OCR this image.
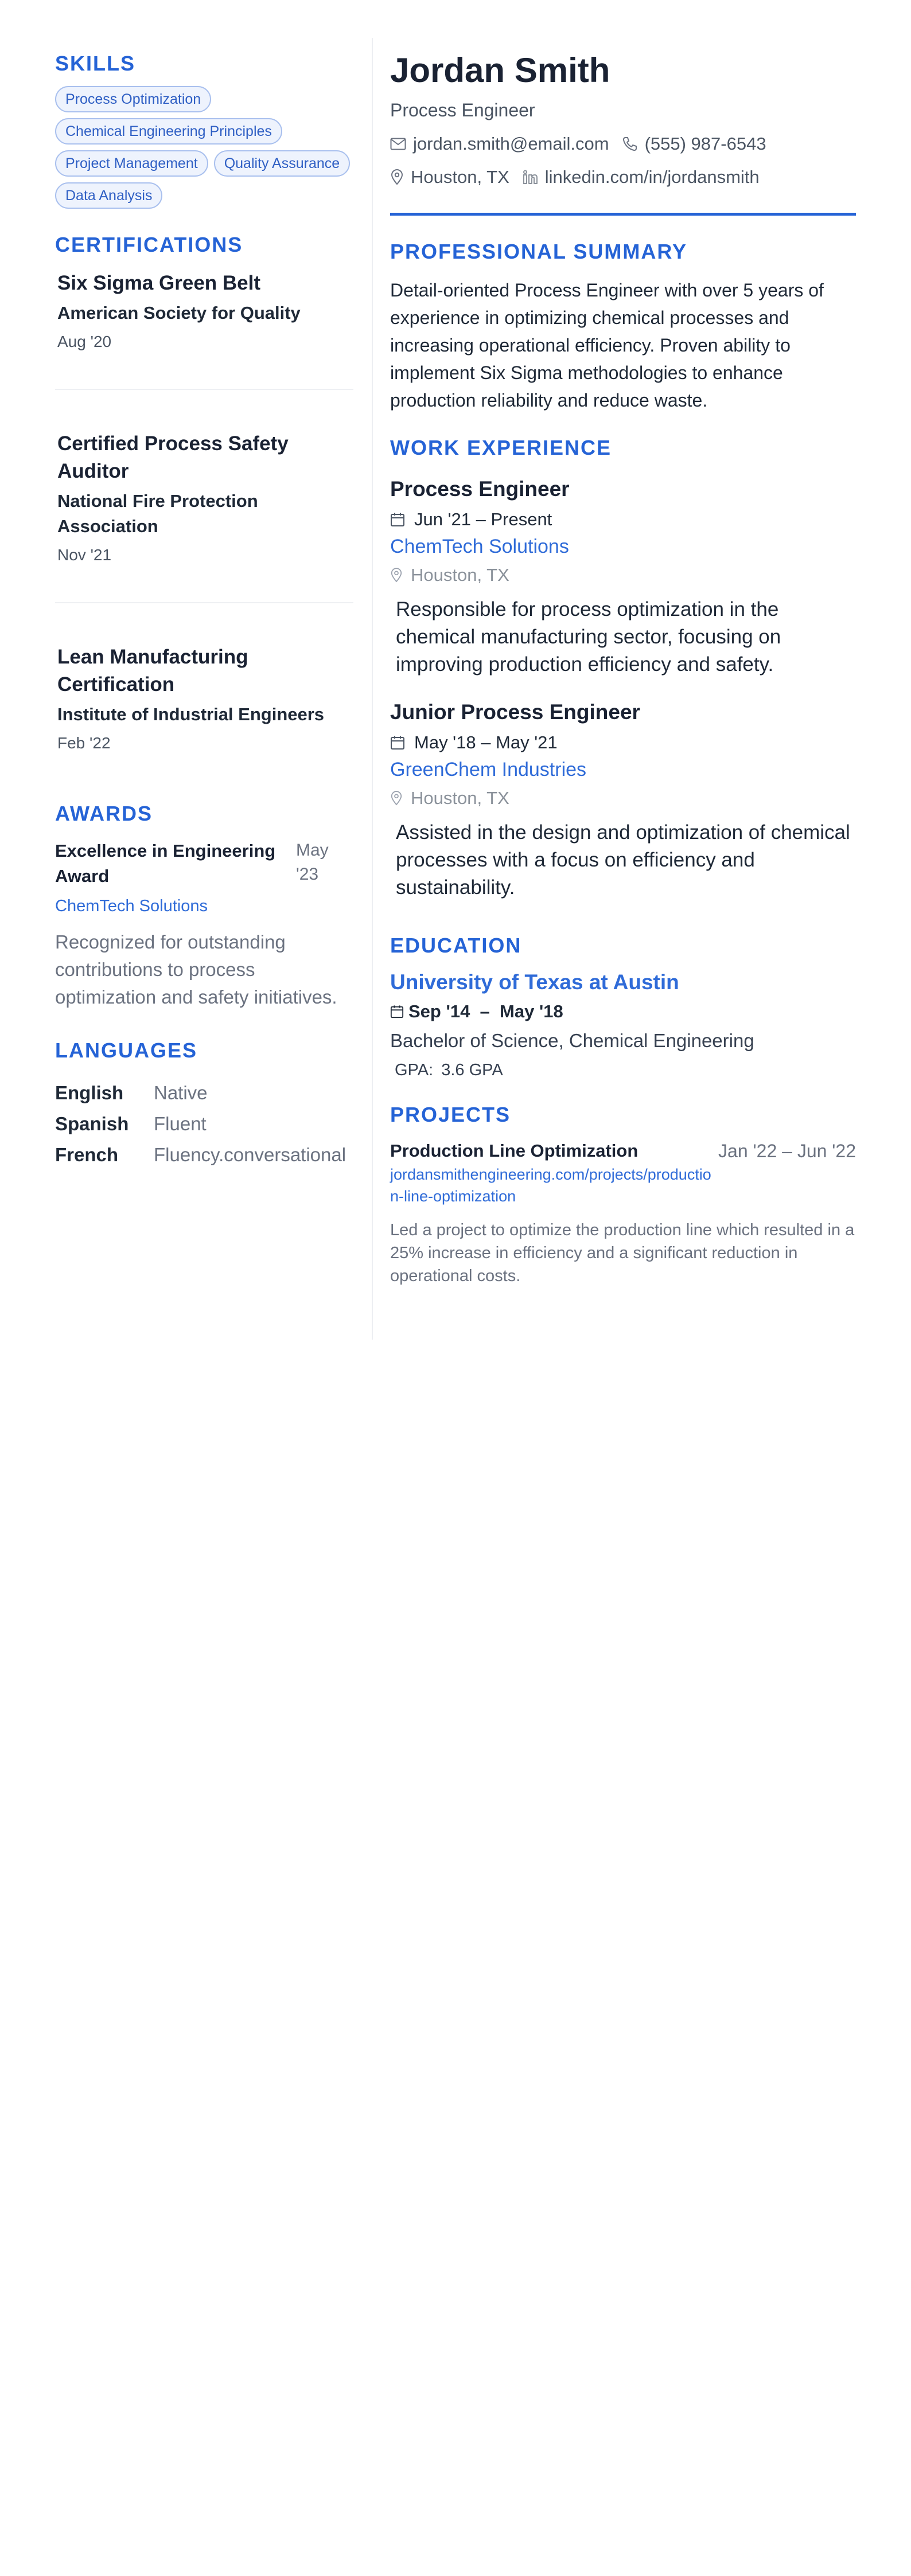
SKILLS
Process Optimization
Chemical Engineering Principles
Project Management	Quality Assurance
Data Analysis
CERTIFICATIONS
Six Sigma Green Belt
American Society for Quality
Aug '20
Certified Process Safety Auditor
National Fire Protection Association
Nov '21
Lean Manufacturing Certification
Institute of Industrial Engineers
Feb '22
AWARDS
Excellence in Engineering Award
May '23
ChemTech Solutions
Recognized for outstanding contributions to process optimization and safety initiatives.
LANGUAGES
English	Native
Spanish	Fluent
French	Fluency.conversational
Jordan Smith
Process Engineer
jordan.smith@email.com (555) 987-6543
Houston, TX linkedin.com/in/jordansmith
PROFESSIONAL SUMMARY
Detail-oriented Process Engineer with over 5 years of experience in optimizing chemical processes and increasing operational efficiency. Proven ability to implement Six Sigma methodologies to enhance production reliability and reduce waste.
WORK EXPERIENCE
Process Engineer
Jun '21 – Present
ChemTech Solutions
Houston, TX
Responsible for process optimization in the chemical manufacturing sector, focusing on improving production efficiency and safety.
Junior Process Engineer
May '18 – May '21
GreenChem Industries
Houston, TX
Assisted in the design and optimization of chemical processes with a focus on efficiency and sustainability.
EDUCATION
University of Texas at Austin
Sep '14  –  May '18
Bachelor of Science, Chemical Engineering
GPA: 3.6 GPA
PROJECTS
Production Line Optimization
jordansmithengineering.com/projects/production-line-optimization
Jan '22 – Jun '22
Led a project to optimize the production line which resulted in a 25% increase in efficiency and a significant reduction in operational costs.
